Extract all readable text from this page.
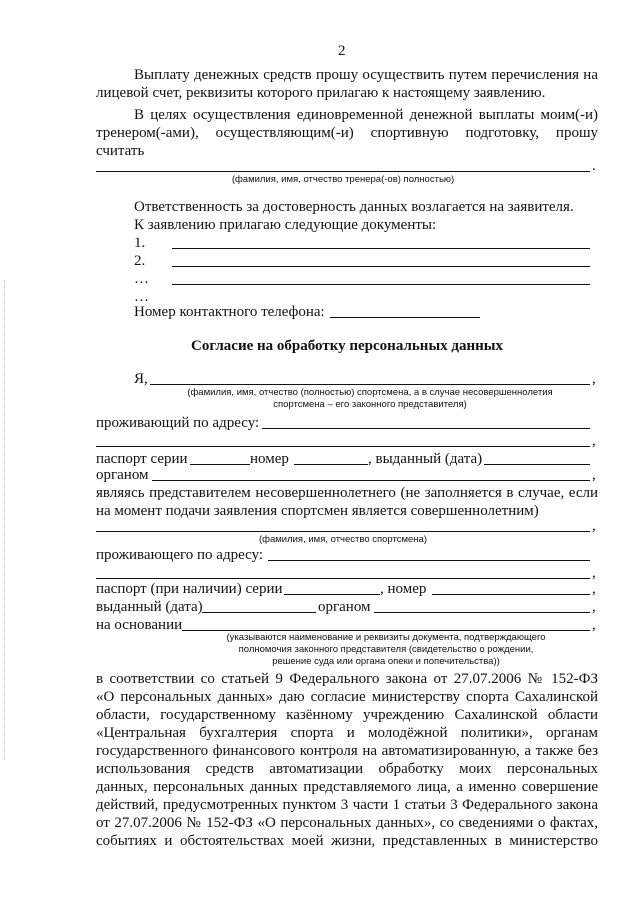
2
Выплату денежных средств прошу осуществить путем перечисления на
лицевой счет, реквизиты которого прилагаю к настоящему заявлению.
В целях осуществления единовременной денежной выплаты моим(-и)
тренером(-ами), осуществляющим(-и) спортивную подготовку, прошу
считать
.
(фамилия, имя, отчество тренера(-ов) полностью)
Ответственность за достоверность данных возлагается на заявителя.
К заявлению прилагаю следующие документы:
1.
2.
…
…
Номер контактного телефона:
Согласие на обработку персональных данных
Я,	,
(фамилия, имя, отчество (полностью) спортсмена, а в случае несовершеннолетия
спортсмена – его законного представителя)
проживающий по адресу:
,
паспорт серии	номер	, выданный (дата)
органом	,
являясь представителем несовершеннолетнего (не заполняется в случае, если
на момент подачи заявления спортсмен является совершеннолетним)
,
(фамилия, имя, отчество спортсмена)
проживающего по адресу:
,
паспорт (при наличии) серии	, номер	,
выданный (дата)	органом	,
на основании	,
(указываются наименование и реквизиты документа, подтверждающего
полномочия законного представителя (свидетельство о рождении,
решение суда или органа опеки и попечительства))
в соответствии со статьей 9 Федерального закона от 27.07.2006 № 152-ФЗ
«О персональных данных» даю согласие министерству спорта Сахалинской
области, государственному казённому учреждению Сахалинской области
«Центральная бухгалтерия спорта и молодёжной политики», органам
государственного финансового контроля на автоматизированную, а также без
использования средств автоматизации обработку моих персональных
данных, персональных данных представляемого лица, а именно совершение
действий, предусмотренных пунктом 3 части 1 статьи 3 Федерального закона
от 27.07.2006 № 152-ФЗ «О персональных данных», со сведениями о фактах,
событиях и обстоятельствах моей жизни, представленных в министерство
